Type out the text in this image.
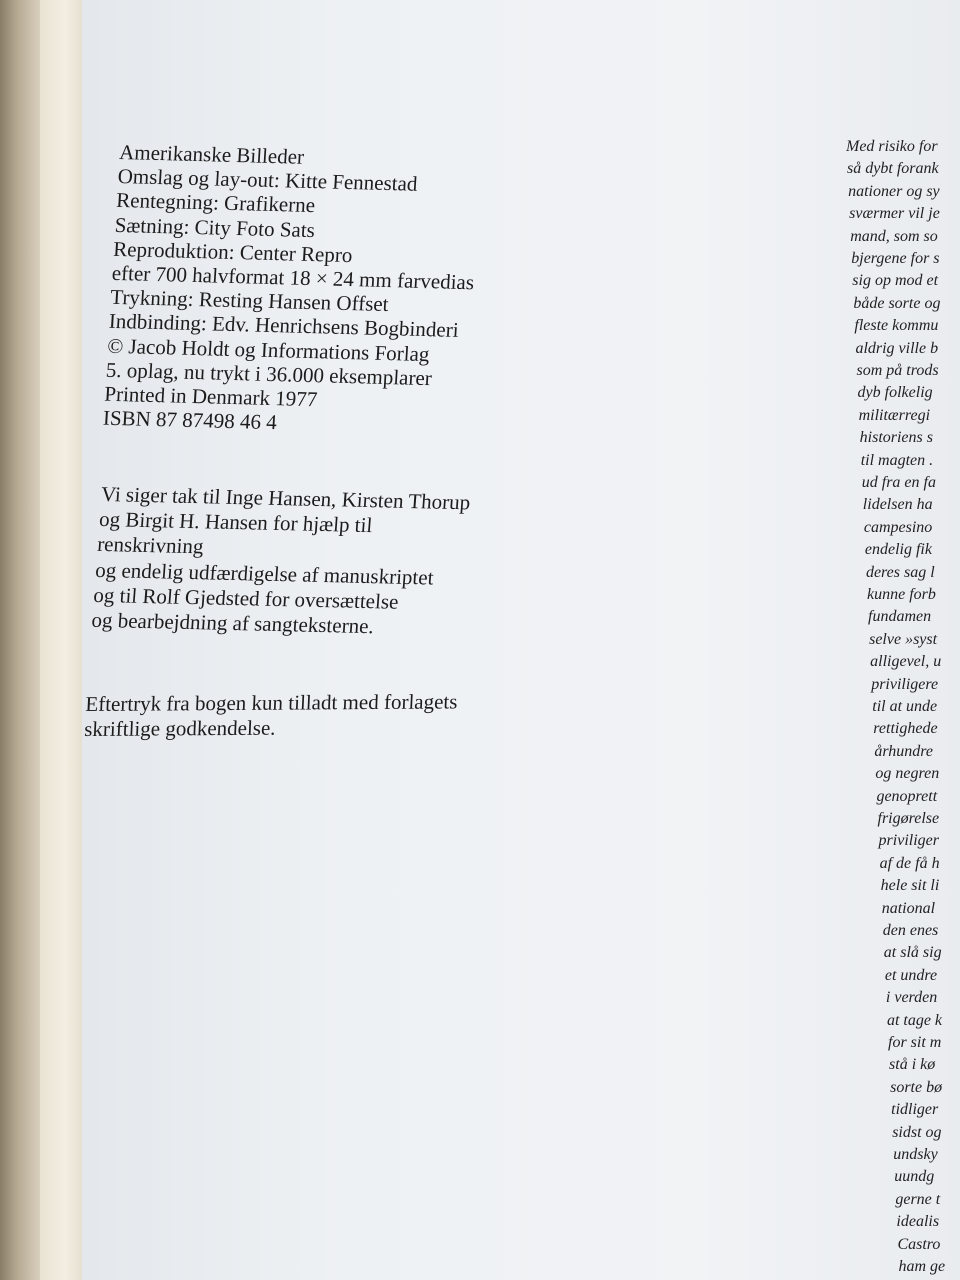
Amerikanske Billeder
Omslag og lay-out: Kitte Fennestad
Rentegning: Grafikerne
Sætning: City Foto Sats
Reproduktion: Center Repro
efter 700 halvformat 18 × 24 mm farvedias
Trykning: Resting Hansen Offset
Indbinding: Edv. Henrichsens Bogbinderi
© Jacob Holdt og Informations Forlag
5. oplag, nu trykt i 36.000 eksemplarer
Printed in Denmark 1977
ISBN 87 87498 46 4
Vi siger tak til Inge Hansen, Kirsten Thorup
og Birgit H. Hansen for hjælp til
renskrivning
og endelig udfærdigelse af manuskriptet
og til Rolf Gjedsted for oversættelse
og bearbejdning af sangteksterne.
Eftertryk fra bogen kun tilladt med forlagets
skriftlige godkendelse.
Med risiko for
så dybt forank
nationer og sy
sværmer vil je
mand, som so
bjergene for s
sig op mod et
både sorte og
fleste kommu
aldrig ville b
som på trods
dyb folkelig
militærregi
historiens s
til magten .
ud fra en fa
lidelsen ha
campesino
endelig fik
deres sag l
kunne forb
fundamen
selve »syst
alligevel, u
priviligere
til at unde
rettighede
århundre
og negren
genoprett
frigørelse
priviliger
af de få h
hele sit li
national
den enes
at slå sig
et undre
i verden
at tage k
for sit m
stå i kø
sorte bø
tidliger
sidst og
undsky
uundg
gerne t
idealis
Castro
ham ge
